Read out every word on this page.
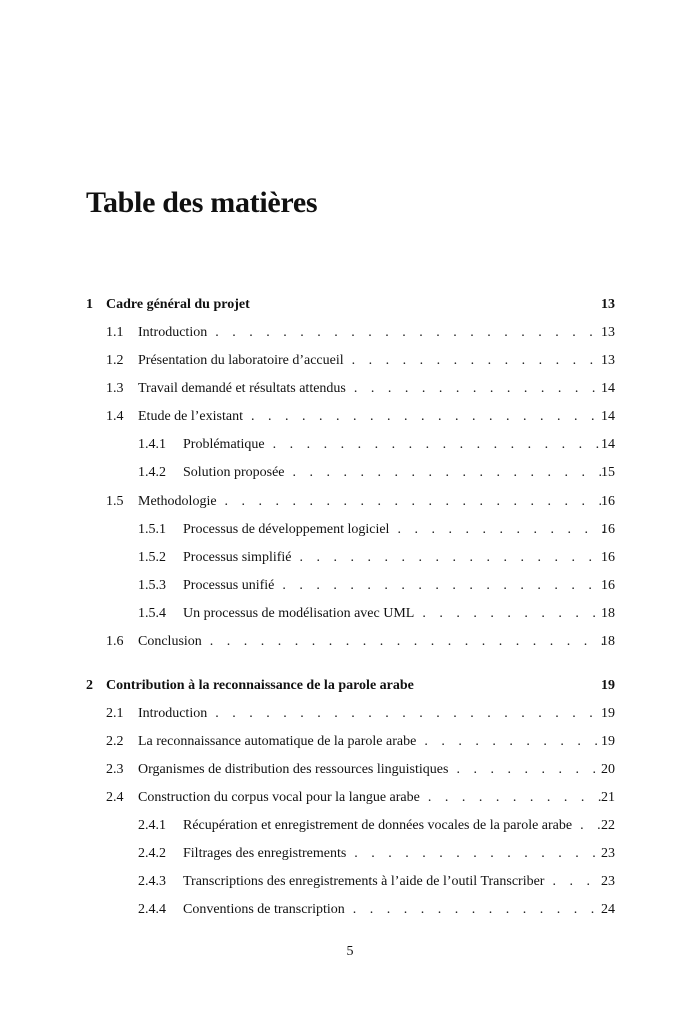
Table des matières
1 Cadre général du projet	13
1.1 Introduction . . .	13
1.2 Présentation du laboratoire d’accueil . . .	13
1.3 Travail demandé et résultats attendus . . .	14
1.4 Etude de l’existant . . .	14
1.4.1 Problématique . . .	14
1.4.2 Solution proposée . . .	15
1.5 Methodologie . . .	16
1.5.1 Processus de développement logiciel . . .	16
1.5.2 Processus simplifié . . .	16
1.5.3 Processus unifié . . .	16
1.5.4 Un processus de modélisation avec UML . . .	18
1.6 Conclusion . . .	18
2 Contribution à la reconnaissance de la parole arabe	19
2.1 Introduction . . .	19
2.2 La reconnaissance automatique de la parole arabe . . .	19
2.3 Organismes de distribution des ressources linguistiques . . .	20
2.4 Construction du corpus vocal pour la langue arabe . . .	21
2.4.1 Récupération et enregistrement de données vocales de la parole arabe . . .	22
2.4.2 Filtrages des enregistrements . . .	23
2.4.3 Transcriptions des enregistrements à l’aide de l’outil Transcriber . . .	23
2.4.4 Conventions de transcription . . .	24
5
